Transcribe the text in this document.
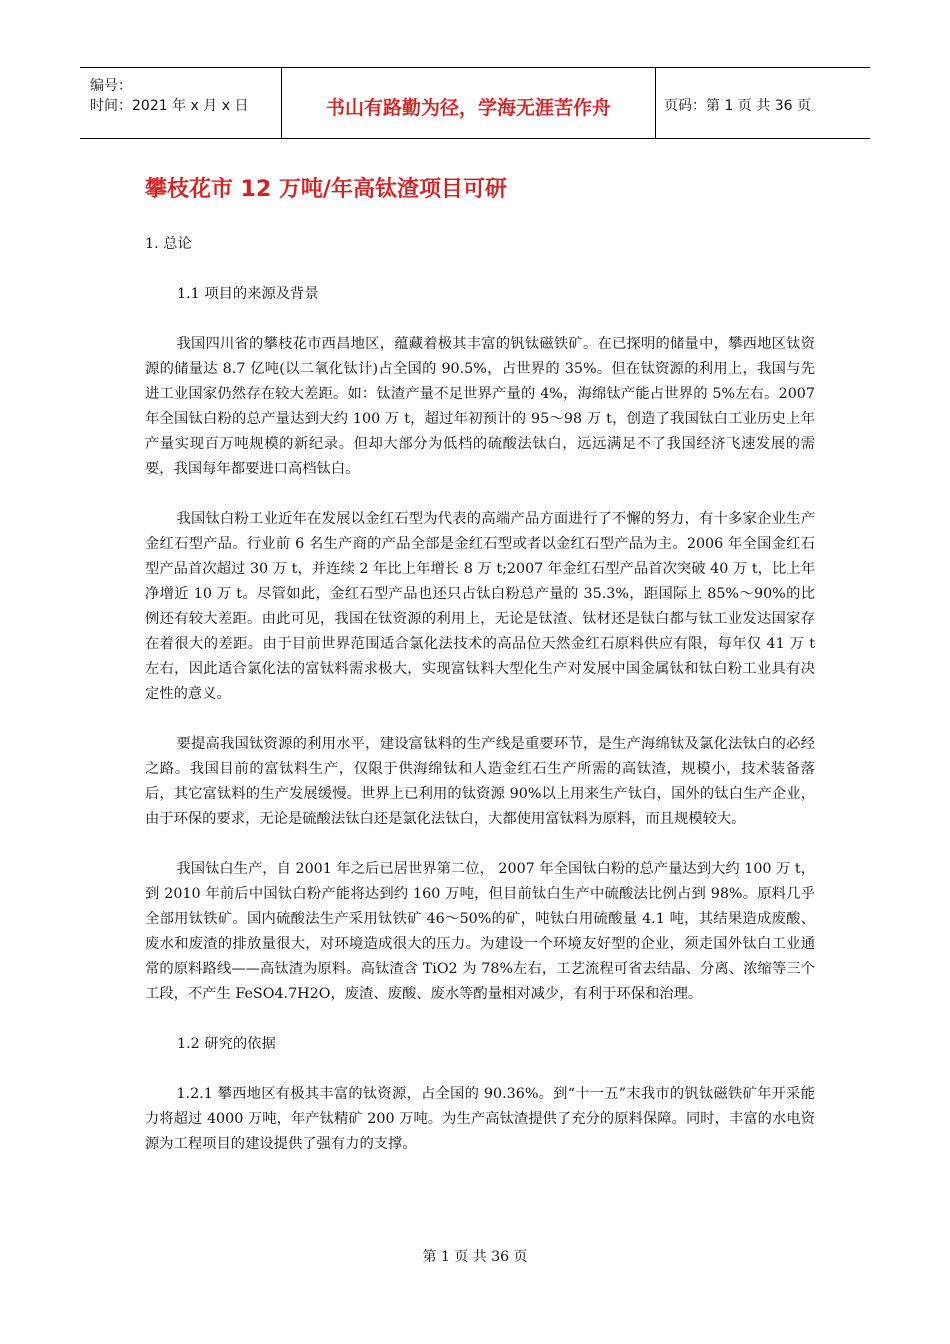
编号：
时间：2021 年 x 月 x 日	书山有路勤为径，学海无涯苦作舟	页码：第 1 页 共 36 页
攀枝花市 12 万吨/年高钛渣项目可研
1. 总论
1.1 项目的来源及背景

我国四川省的攀枝花市西昌地区，蕴藏着极其丰富的钒钛磁铁矿。在已探明的储量中，攀西地区钛资源的储量达 8.7 亿吨(以二氧化钛计)占全国的 90.5%，占世界的 35%。但在钛资源的利用上，我国与先进工业国家仍然存在较大差距。如：钛渣产量不足世界产量的 4%，海绵钛产能占世界的 5%左右。2007 年全国钛白粉的总产量达到大约 100 万 t，超过年初预计的 95～98 万 t，创造了我国钛白工业历史上年产量实现百万吨规模的新纪录。但却大部分为低档的硫酸法钛白，远远满足不了我国经济飞速发展的需要，我国每年都要进口高档钛白。

我国钛白粉工业近年在发展以金红石型为代表的高端产品方面进行了不懈的努力，有十多家企业生产金红石型产品。行业前 6 名生产商的产品全部是金红石型或者以金红石型产品为主。2006 年全国金红石型产品首次超过 30 万 t，并连续 2 年比上年增长 8 万 t;2007 年金红石型产品首次突破 40 万 t，比上年净增近 10 万 t。尽管如此，金红石型产品也还只占钛白粉总产量的 35.3%，距国际上 85%～90%的比例还有较大差距。由此可见，我国在钛资源的利用上，无论是钛渣、钛材还是钛白都与钛工业发达国家存在着很大的差距。由于目前世界范围适合氯化法技术的高品位天然金红石原料供应有限，每年仅 41 万 t 左右，因此适合氯化法的富钛料需求极大，实现富钛料大型化生产对发展中国金属钛和钛白粉工业具有决定性的意义。

要提高我国钛资源的利用水平，建设富钛料的生产线是重要环节，是生产海绵钛及氯化法钛白的必经之路。我国目前的富钛料生产，仅限于供海绵钛和人造金红石生产所需的高钛渣，规模小，技术装备落后，其它富钛料的生产发展缓慢。世界上已利用的钛资源 90%以上用来生产钛白，国外的钛白生产企业，由于环保的要求，无论是硫酸法钛白还是氯化法钛白，大都使用富钛料为原料，而且规模较大。

我国钛白生产，自 2001 年之后已居世界第二位， 2007 年全国钛白粉的总产量达到大约 100 万 t，到 2010 年前后中国钛白粉产能将达到约 160 万吨，但目前钛白生产中硫酸法比例占到 98%。原料几乎全部用钛铁矿。国内硫酸法生产采用钛铁矿 46～50%的矿，吨钛白用硫酸量 4.1 吨，其结果造成废酸、废水和废渣的排放量很大，对环境造成很大的压力。为建设一个环境友好型的企业，须走国外钛白工业通常的原料路线——高钛渣为原料。高钛渣含 TiO2 为 78%左右，工艺流程可省去结晶、分离、浓缩等三个工段，不产生 FeSO4.7H2O，废渣、废酸、废水等酌量相对减少，有利于环保和治理。

1.2 研究的依据

1.2.1 攀西地区有极其丰富的钛资源，占全国的 90.36%。到“十一五”末我市的钒钛磁铁矿年开采能力将超过 4000 万吨，年产钛精矿 200 万吨。为生产高钛渣提供了充分的原料保障。同时，丰富的水电资源为工程项目的建设提供了强有力的支撑。

第 1 页 共 36 页
